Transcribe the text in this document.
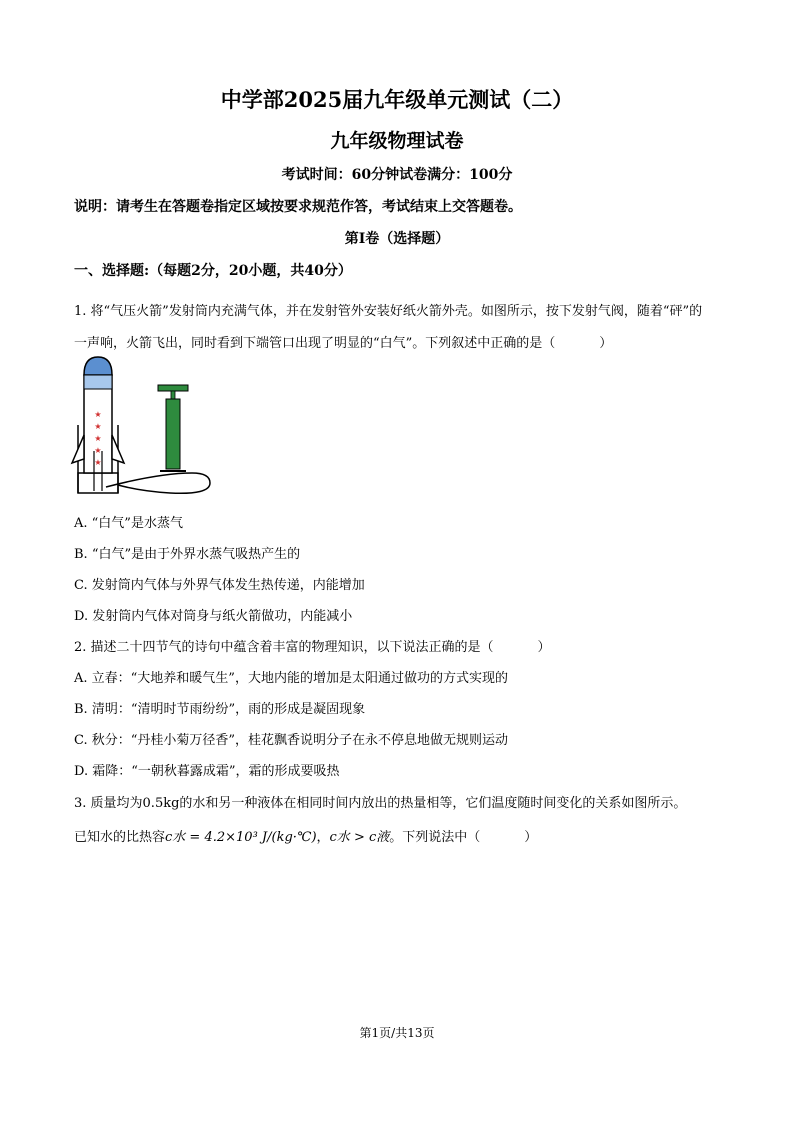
中学部2025届九年级单元测试（二）
九年级物理试卷
考试时间：60分钟试卷满分：100分
说明：请考生在答题卷指定区域按要求规范作答，考试结束上交答题卷。
第Ⅰ卷（选择题）
一、选择题:（每题2分，20小题，共40分）
1. 将“气压火箭”发射筒内充满气体，并在发射管外安装好纸火箭外壳。如图所示，按下发射气阀，随着“砰”的
一声响，火箭飞出，同时看到下端管口出现了明显的“白气”。下列叙述中正确的是（	）
★
★
★
★
★
A. “白气”是水蒸气
B. “白气”是由于外界水蒸气吸热产生的
C. 发射筒内气体与外界气体发生热传递，内能增加
D. 发射筒内气体对筒身与纸火箭做功，内能减小
2. 描述二十四节气的诗句中蕴含着丰富的物理知识，以下说法正确的是（	）
A. 立春：“大地养和暖气生”，大地内能的增加是太阳通过做功的方式实现的
B. 清明：“清明时节雨纷纷”，雨的形成是凝固现象
C. 秋分：“丹桂小菊万径香”，桂花飘香说明分子在永不停息地做无规则运动
D. 霜降：“一朝秋暮露成霜”，霜的形成要吸热
3. 质量均为0.5kg的水和另一种液体在相同时间内放出的热量相等，它们温度随时间变化的关系如图所示。
已知水的比热容c水 = 4.2×10³ J/(kg·℃)，c水 > c液。下列说法中（	）
第1页/共13页
